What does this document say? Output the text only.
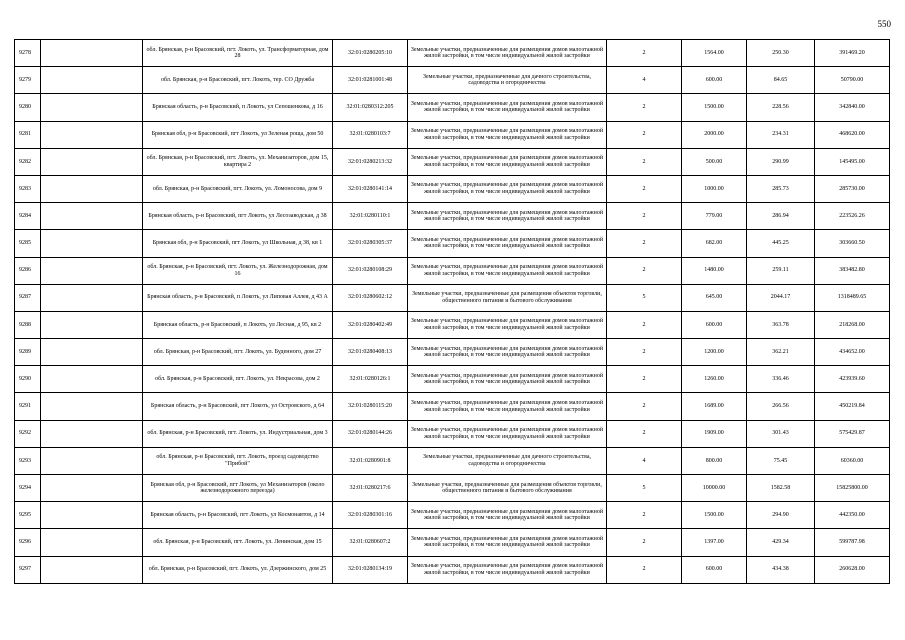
550
9278		обл. Брянская, р-н Брасовский, пгт. Локоть, ул. Трансформаторная, дом 28	32:01:0280205:10	Земельные участки, предназначенные для размещения домов малоэтажной жилой застройки, в том числе индивидуальной жилой застройки	2	1564.00	250.30	391469.20
9279		обл. Брянская, р-н Брасовский, пгт. Локоть, тер. СО Дружба	32:01:0281001:48	Земельные участки, предназначенные для дачного строительства, садоводства и огородничества	4	600.00	84.65	50790.00
9280		Брянская область, р-н Брасовский, п Локоть, ул Сепошенкова, д 16	32:01:0280312:205	Земельные участки, предназначенные для размещения домов малоэтажной жилой застройки, в том числе индивидуальной жилой застройки	2	1500.00	228.56	342840.00
9281		Брянская обл, р-н Брасовский, пгт Локоть, ул Зеленая роща, дом 50	32:01:0280103:7	Земельные участки, предназначенные для размещения домов малоэтажной жилой застройки, в том числе индивидуальной жилой застройки	2	2000.00	234.31	468620.00
9282		обл. Брянская, р-н Брасовский, пгт. Локоть, ул. Механизаторов, дом 15, квартира 2	32:01:0280213:32	Земельные участки, предназначенные для размещения домов малоэтажной жилой застройки, в том числе индивидуальной жилой застройки	2	500.00	290.99	145495.00
9283		обл. Брянская, р-н Брасовский, пгт. Локоть, ул. Ломоносова, дом 9	32:01:0280141:14	Земельные участки, предназначенные для размещения домов малоэтажной жилой застройки, в том числе индивидуальной жилой застройки	2	1000.00	285.73	285730.00
9284		Брянская область, р-н Брасовский, пгт Локоть, ул Лесозаводская, д 38	32:01:0280110:1	Земельные участки, предназначенные для размещения домов малоэтажной жилой застройки, в том числе индивидуальной жилой застройки	2	779.00	286.94	223526.26
9285		Брянская обл, р-н Брасовский, пгт Локоть, ул Школьная, д 38, кв 1	32:01:0280305:37	Земельные участки, предназначенные для размещения домов малоэтажной жилой застройки, в том числе индивидуальной жилой застройки	2	682.00	445.25	303660.50
9286		обл. Брянская, р-н Брасовский, пгт. Локоть, ул. Железнодорожная, дом 16	32:01:0280108:29	Земельные участки, предназначенные для размещения домов малоэтажной жилой застройки, в том числе индивидуальной жилой застройки	2	1480.00	259.11	383482.80
9287		Брянская область, р-н Брасовский, п Локоть, ул Липовая Аллея, д 43 А	32:01:0280602:12	Земельные участки, предназначенные для размещения объектов торговли, общественного питания и бытового обслуживания	5	645.00	2044.17	1318489.65
9288		Брянская область, р-н Брасовский, п Локоть, ул Лесная, д 95, кв 2	32:01:0280402:49	Земельные участки, предназначенные для размещения домов малоэтажной жилой застройки, в том числе индивидуальной жилой застройки	2	600.00	363.78	218268.00
9289		обл. Брянская, р-н Брасовский, пгт. Локоть, ул. Буденного, дом 27	32:01:0280408:13	Земельные участки, предназначенные для размещения домов малоэтажной жилой застройки, в том числе индивидуальной жилой застройки	2	1200.00	362.21	434652.00
9290		обл. Брянская, р-н Брасовский, пгт. Локоть, ул. Некрасова, дом 2	32:01:0280126:1	Земельные участки, предназначенные для размещения домов малоэтажной жилой застройки, в том числе индивидуальной жилой застройки	2	1260.00	336.46	423939.60
9291		Брянская область, р-н Брасовский, пгт Локоть, ул Островского, д 64	32:01:0280115:20	Земельные участки, предназначенные для размещения домов малоэтажной жилой застройки, в том числе индивидуальной жилой застройки	2	1689.00	266.56	450219.84
9292		обл. Брянская, р-н Брасовский, пгт. Локоть, ул. Индустриальная, дом 3	32:01:0280144:26	Земельные участки, предназначенные для размещения домов малоэтажной жилой застройки, в том числе индивидуальной жилой застройки	2	1909.00	301.43	575429.87
9293		обл. Брянская, р-н Брасовский, пгт. Локоть, проезд садоводство "Прибой"	32:01:0280901:8	Земельные участки, предназначенные для дачного строительства, садоводства и огородничества	4	800.00	75.45	60360.00
9294		Брянская обл, р-н Брасовский, пгт Локоть, ул Механизаторов (около железнодорожного переезда)	32:01:0280217:6	Земельные участки, предназначенные для размещения объектов торговли, общественного питания и бытового обслуживания	5	10000.00	1582.58	15825800.00
9295		Брянская область, р-н Брасовский, пгт Локоть, ул Космонавтов, д 14	32:01:0280301:16	Земельные участки, предназначенные для размещения домов малоэтажной жилой застройки, в том числе индивидуальной жилой застройки	2	1500.00	294.90	442350.00
9296		обл. Брянская, р-н Брасовский, пгт. Локоть, ул. Ленинская, дом 15	32:01:0280607:2	Земельные участки, предназначенные для размещения домов малоэтажной жилой застройки, в том числе индивидуальной жилой застройки	2	1397.00	429.34	599787.98
9297		обл. Брянская, р-н Брасовский, пгт. Локоть, ул. Дзержинского, дом 25	32:01:0280134:19	Земельные участки, предназначенные для размещения домов малоэтажной жилой застройки, в том числе индивидуальной жилой застройки	2	600.00	434.38	260628.00
